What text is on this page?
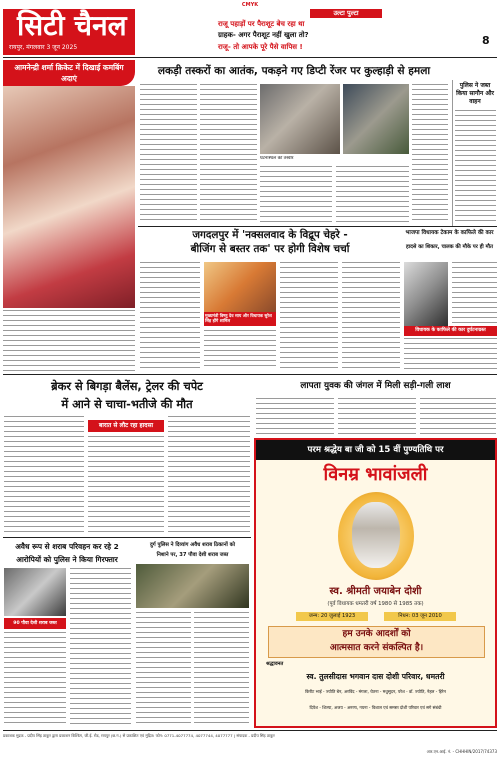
CMYK
सिटी चैनल
रायपुर, मंगलवार 3 जून 2025
उल्टा पुल्टा
राजू पहाड़ों पर पैराशूट बेच रहा था
ग्राहक- अगर पैराशूट नहीं खुला तो?
राजू- तो आपके पूरे पैसे वापिस !	8
आमनेन्द्री शर्मा क्रिकेट में दिखाई कमबिंग अदाएं
लकड़ी तस्करों का आतंक, पकड़ने गए डिप्टी रेंजर पर कुल्हाड़ी से हमला
घटनास्थल की तस्वीर
पुलिस ने जब्त किया सागौन और वाहन
जगदलपुर में 'नक्सलवाद के विद्रूप चेहरे -
बीजिंग से बस्तर तक' पर होगी विशेष चर्चा
मुख्यमंत्री विष्णु देव साय और विधायक सुरेश सिंह होंगे शामिल
भाजपा विधायक टेकाम के काफिले की कार
हादसे का शिकार, चालक की मौके पर ही मौत
विधायक के काफिले की कार दुर्घटनाग्रस्त
ब्रेकर से बिगड़ा बैलेंस, ट्रेलर की चपेट
में आने से चाचा-भतीजे की मौत
बारात से लौट रहा हादसा
लापता युवक की जंगल में मिली सड़ी-गली लाश
परम श्रद्धेय बा जी को 15 वीं पुण्यतिथि पर
विनम्र भावांजली
स्व. श्रीमती जयाबेन दोशी
(पूर्व विधायक धमतरी वर्ष 1980 से 1985 तक)
जन्म: 20 जुलाई 1923	निधन: 03 जून 2010
हम उनके आदर्शों को
आत्मसात करने संकल्पित है।
श्रद्धावनत
स्व. तुलसीदास भगवान दास दोशी परिवार, धमतरी
किरीट भाई - ज्योति बेन, अरविंद - मंगला, चेतना - मधुसूदन, परेश - डॉ. ज्योति, नेहल - हिरेन
दिपेश - शिल्पा, अजय - अरुणा, नयना - विशाल एवं समस्त दोशी परिवार एवं सगे संबंधी
अवैध रूप से शराब परिवहन कर रहे 2
आरोपियों को पुलिस ने किया गिरफ्तार
90 पौवा देशी शराब जब्त
दुर्ग पुलिस ने दिव्यांग अवैध शराब ठिकानों को
निशाने पर, 37 पौवा देशी शराब जब्त
प्रकाशक मुद्रक - प्रदीप सिंह ठाकुर द्वारा प्रकाशन बिल्डिंग, जी.ई. रोड, रायपुर (छ.ग.) से प्रकाशित एवं मुद्रित। फोन: 0771-4077774, 4077744, 4077777 | संपादक - प्रदीप सिंह ठाकुर
आर.एन.आई. नं. - CHHHIN/2017/74373
